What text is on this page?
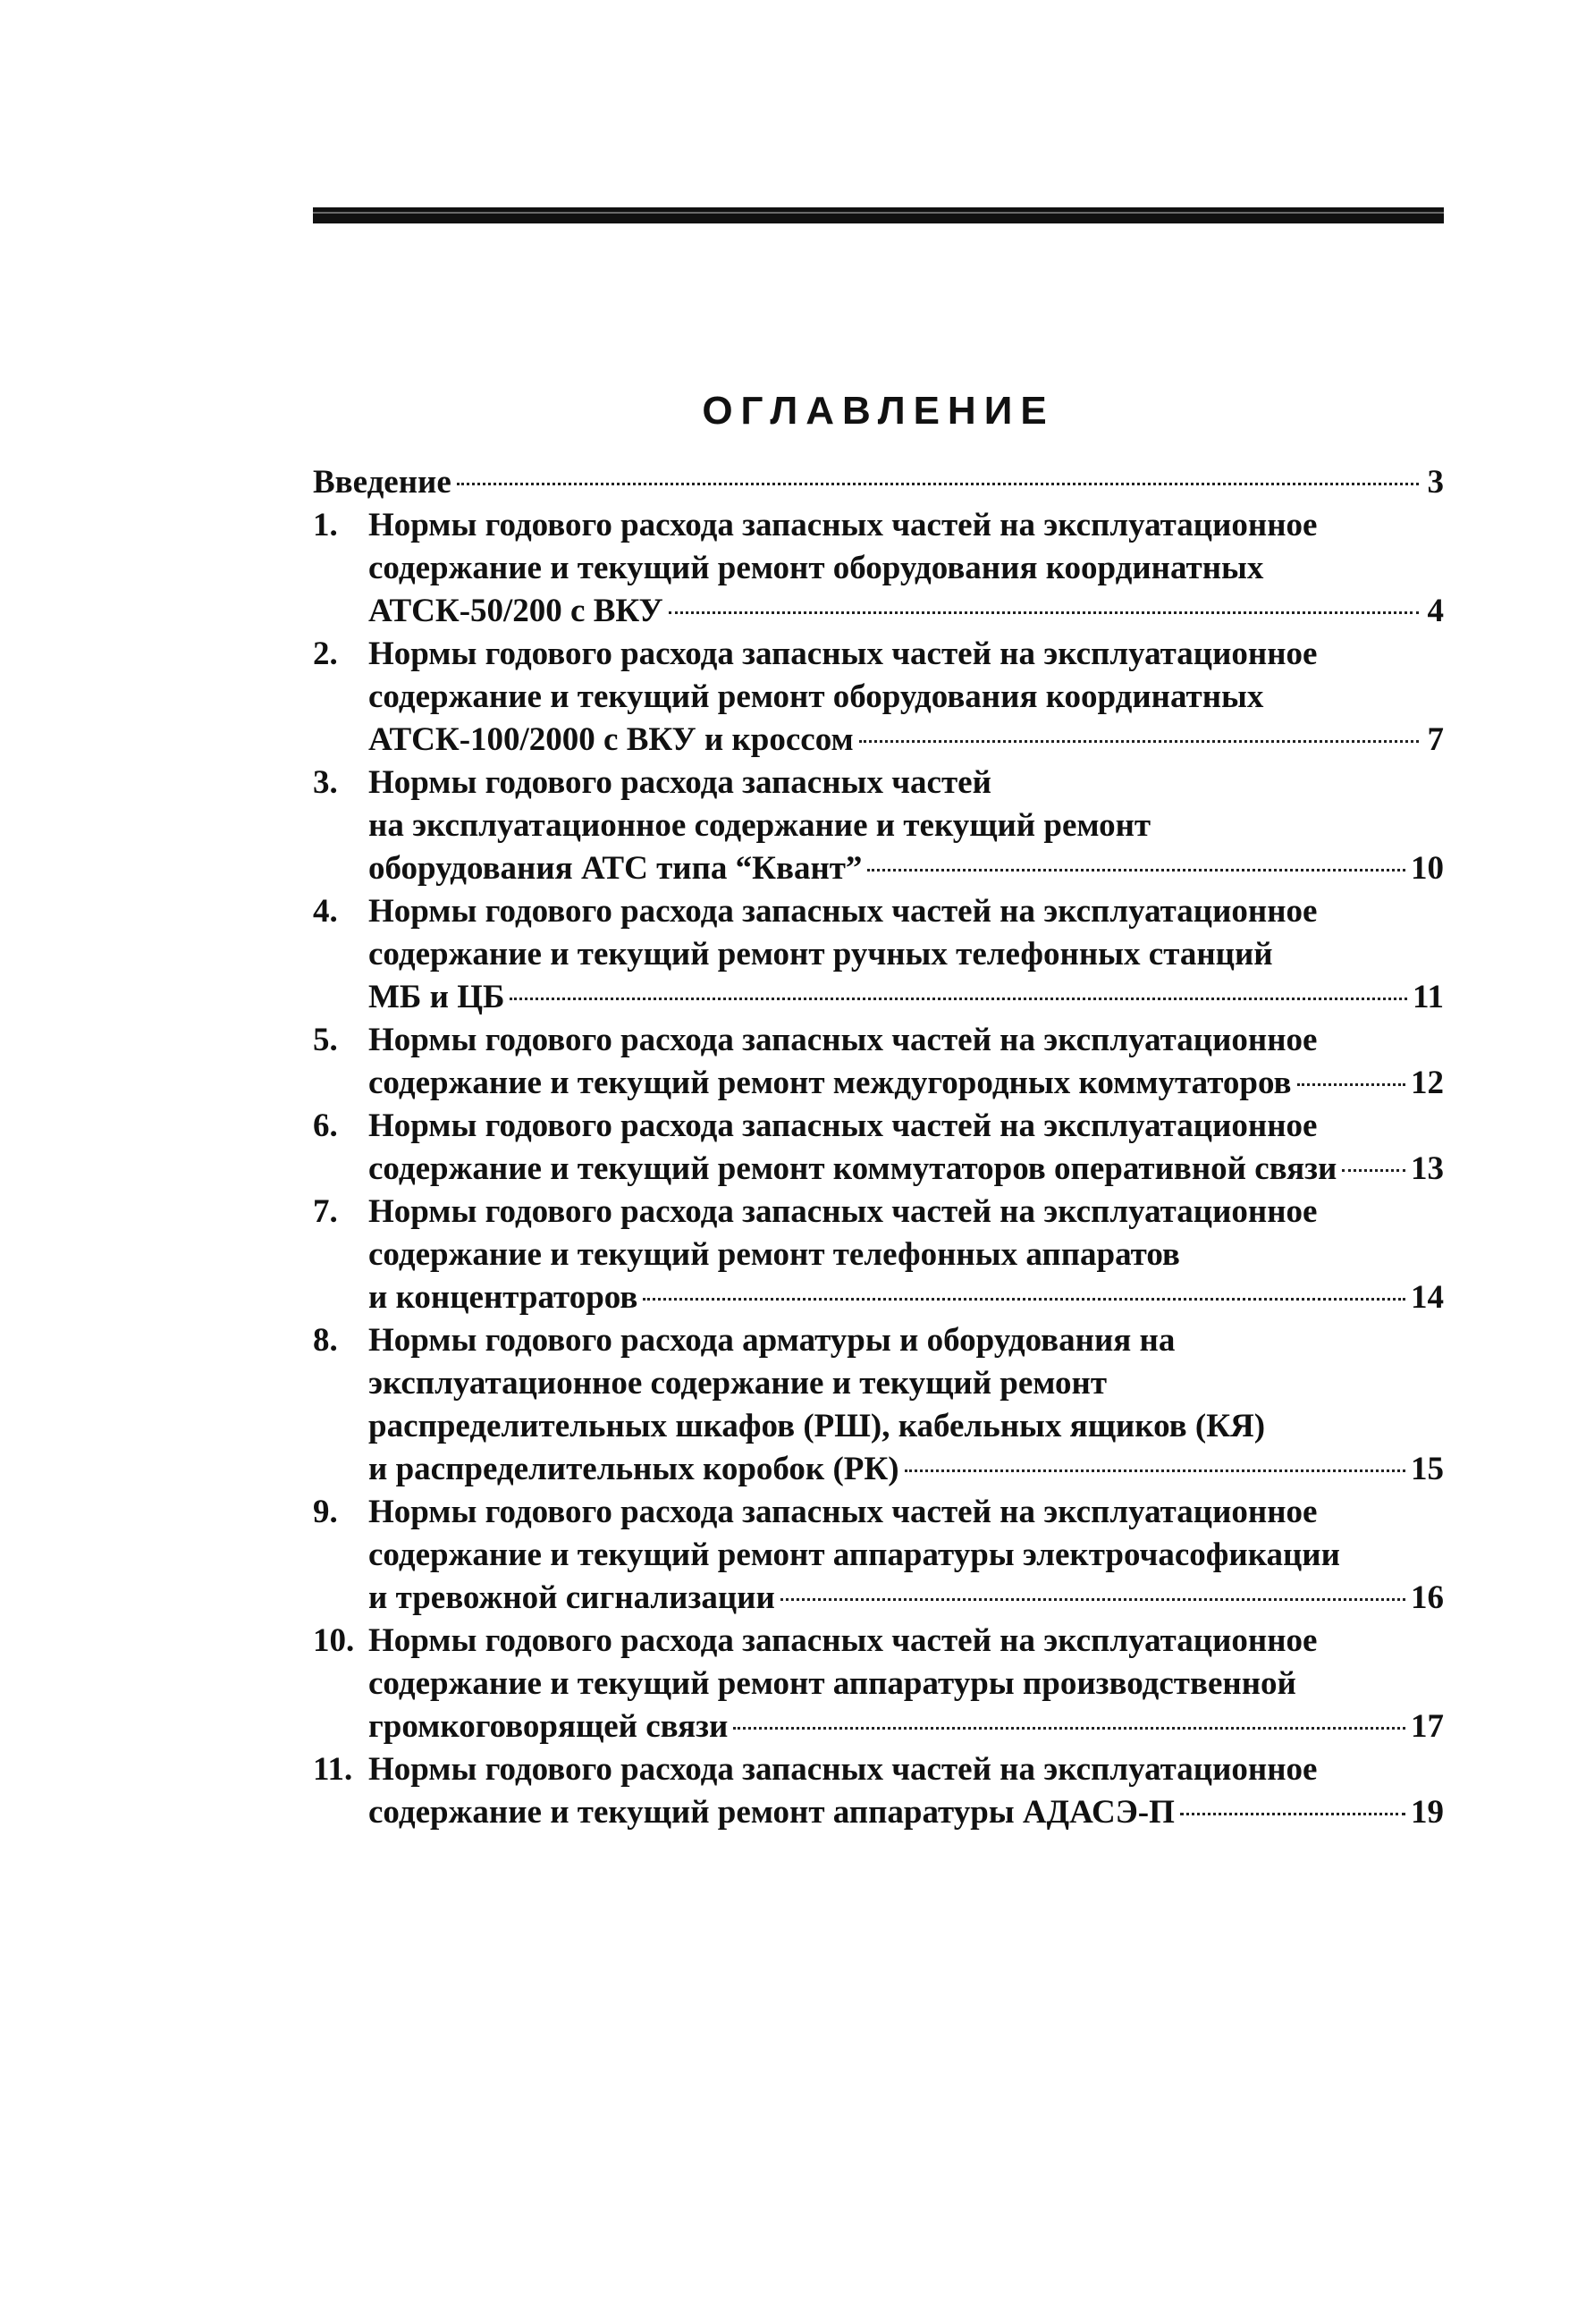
ОГЛАВЛЕНИЕ
Введение	3
1. Нормы годового расхода запасных частей на эксплуатационное
содержание и текущий ремонт оборудования координатных
АТСК-50/200 с ВКУ	4
2. Нормы годового расхода запасных частей на эксплуатационное
содержание и текущий ремонт оборудования координатных
АТСК-100/2000 с ВКУ и кроссом	7
3. Нормы годового расхода запасных частей
на эксплуатационное содержание и текущий ремонт
оборудования АТС типа “Квант”	10
4. Нормы годового расхода запасных частей на эксплуатационное
содержание и текущий ремонт ручных телефонных станций
МБ и ЦБ	11
5. Нормы годового расхода запасных частей на эксплуатационное
содержание и текущий ремонт междугородных коммутаторов	12
6. Нормы годового расхода запасных частей на эксплуатационное
содержание и текущий ремонт коммутаторов оперативной связи 13
7. Нормы годового расхода запасных частей на эксплуатационное
содержание и текущий ремонт телефонных аппаратов
и концентраторов	14
8. Нормы годового расхода арматуры и оборудования на
эксплуатационное содержание и текущий ремонт
распределительных шкафов (РШ), кабельных ящиков (КЯ)
и распределительных коробок (РК)	15
9. Нормы годового расхода запасных частей на эксплуатационное
содержание и текущий ремонт аппаратуры электрочасофикации
и тревожной сигнализации	16
10. Нормы годового расхода запасных частей на эксплуатационное
содержание и текущий ремонт аппаратуры производственной
громкоговорящей связи	17
11. Нормы годового расхода запасных частей на эксплуатационное
содержание и текущий ремонт аппаратуры АДАСЭ-П	19
